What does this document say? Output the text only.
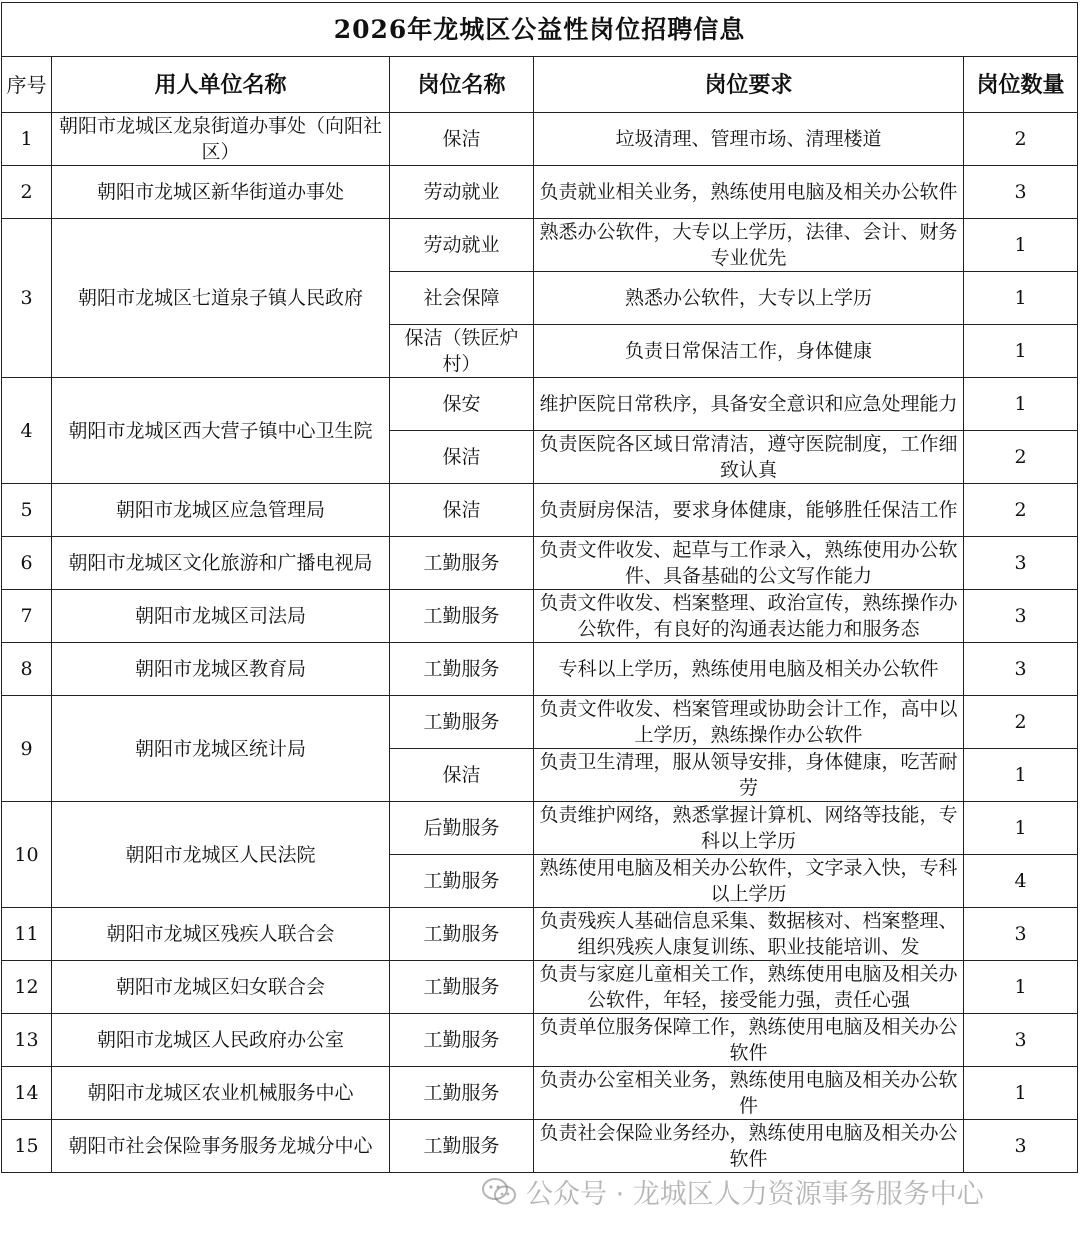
2026年龙城区公益性岗位招聘信息				
序号	用人单位名称	岗位名称	岗位要求	岗位数量
1	朝阳市龙城区龙泉街道办事处（向阳社区）	保洁	垃圾清理、管理市场、清理楼道	2
2	朝阳市龙城区新华街道办事处	劳动就业	负责就业相关业务，熟练使用电脑及相关办公软件	3
3	朝阳市龙城区七道泉子镇人民政府	劳动就业	熟悉办公软件，大专以上学历，法律、会计、财务专业优先	1
		社会保障	熟悉办公软件，大专以上学历	1
		保洁（铁匠炉村）	负责日常保洁工作，身体健康	1
4	朝阳市龙城区西大营子镇中心卫生院	保安	维护医院日常秩序，具备安全意识和应急处理能力	1
		保洁	负责医院各区域日常清洁，遵守医院制度，工作细致认真	2
5	朝阳市龙城区应急管理局	保洁	负责厨房保洁，要求身体健康，能够胜任保洁工作	2
6	朝阳市龙城区文化旅游和广播电视局	工勤服务	负责文件收发、起草与工作录入，熟练使用办公软件、具备基础的公文写作能力	3
7	朝阳市龙城区司法局	工勤服务	负责文件收发、档案整理、政治宣传，熟练操作办公软件，有良好的沟通表达能力和服务态	3
8	朝阳市龙城区教育局	工勤服务	专科以上学历，熟练使用电脑及相关办公软件	3
9	朝阳市龙城区统计局	工勤服务	负责文件收发、档案管理或协助会计工作，高中以上学历，熟练操作办公软件	2
		保洁	负责卫生清理，服从领导安排，身体健康，吃苦耐劳	1
10	朝阳市龙城区人民法院	后勤服务	负责维护网络，熟悉掌握计算机、网络等技能，专科以上学历	1
		工勤服务	熟练使用电脑及相关办公软件，文字录入快，专科以上学历	4
11	朝阳市龙城区残疾人联合会	工勤服务	负责残疾人基础信息采集、数据核对、档案整理、组织残疾人康复训练、职业技能培训、发	3
12	朝阳市龙城区妇女联合会	工勤服务	负责与家庭儿童相关工作，熟练使用电脑及相关办公软件，年轻，接受能力强，责任心强	1
13	朝阳市龙城区人民政府办公室	工勤服务	负责单位服务保障工作，熟练使用电脑及相关办公软件	3
14	朝阳市龙城区农业机械服务中心	工勤服务	负责办公室相关业务，熟练使用电脑及相关办公软件	1
15	朝阳市社会保险事务服务龙城分中心	工勤服务	负责社会保险业务经办，熟练使用电脑及相关办公软件	3
公众号 · 龙城区人力资源事务服务中心
